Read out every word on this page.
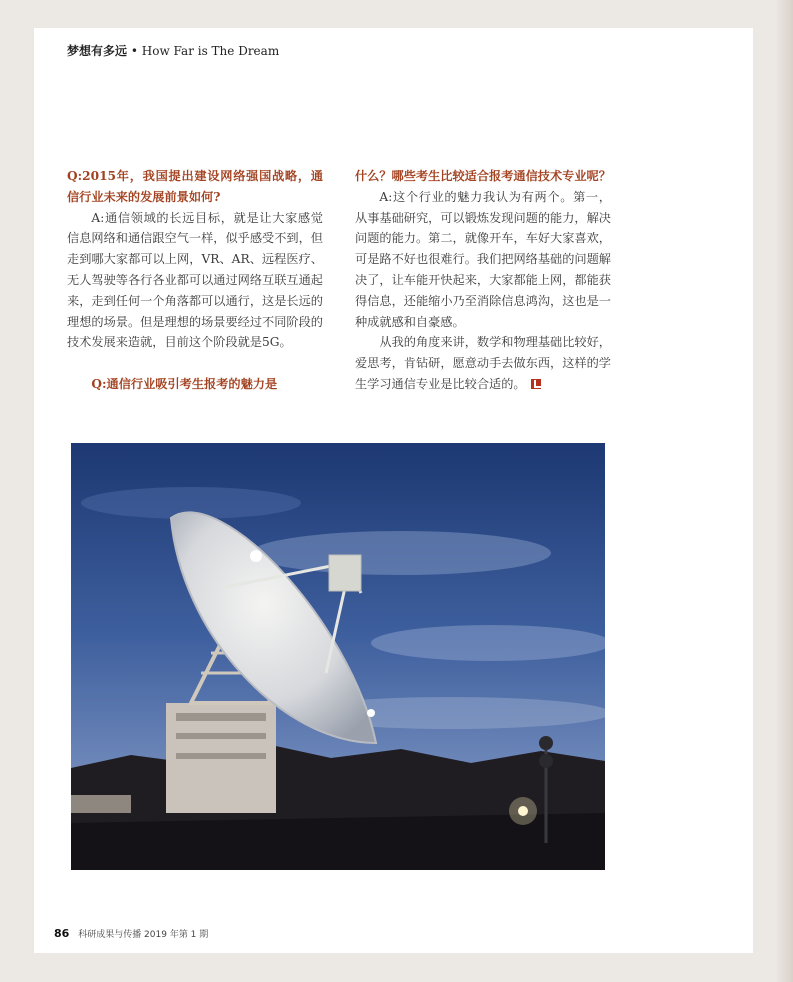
梦想有多远 • How Far is The Dream

Q:2015年，我国提出建设网络强国战略，通信行业未来的发展前景如何?

A:通信领域的长远目标，就是让大家感觉信息网络和通信跟空气一样，似乎感受不到，但走到哪大家都可以上网，VR、AR、远程医疗、无人驾驶等各行各业都可以通过网络互联互通起来，走到任何一个角落都可以通行，这是长远的理想的场景。但是理想的场景要经过不同阶段的技术发展来造就，目前这个阶段就是5G。

Q:通信行业吸引考生报考的魅力是

什么？哪些考生比较适合报考通信技术专业呢？

A:这个行业的魅力我认为有两个。第一，从事基础研究，可以锻炼发现问题的能力，解决问题的能力。第二，就像开车，车好大家喜欢，可是路不好也很难行。我们把网络基础的问题解决了，让车能开快起来，大家都能上网，都能获得信息，还能缩小乃至消除信息鸿沟，这也是一种成就感和自豪感。

从我的角度来讲，数学和物理基础比较好，爱思考，肯钻研，愿意动手去做东西，这样的学生学习通信专业是比较合适的。

86 科研成果与传播 2019 年第 1 期
